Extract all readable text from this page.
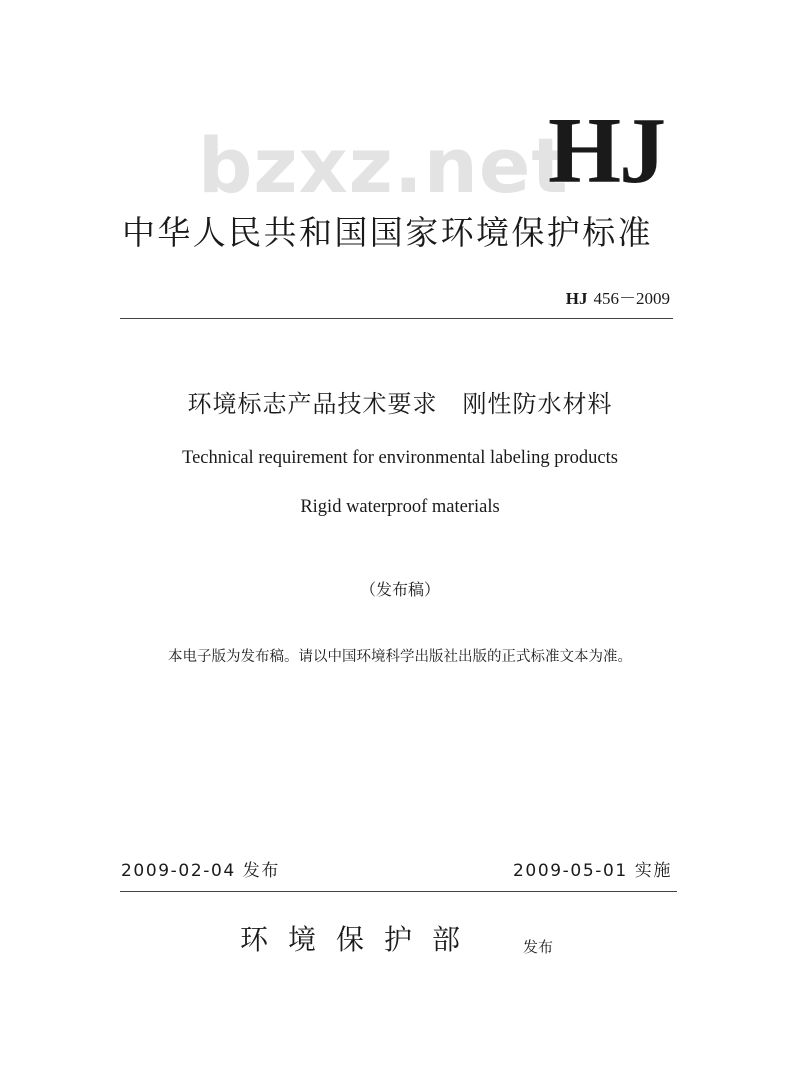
bzxz.net
HJ
中华人民共和国国家环境保护标准
HJ 456－2009
环境标志产品技术要求　刚性防水材料
Technical requirement for environmental labeling products
Rigid waterproof materials
（发布稿）
本电子版为发布稿。请以中国环境科学出版社出版的正式标准文本为准。
2009-02-04 发布	2009-05-01 实施
环境保护部	发布
